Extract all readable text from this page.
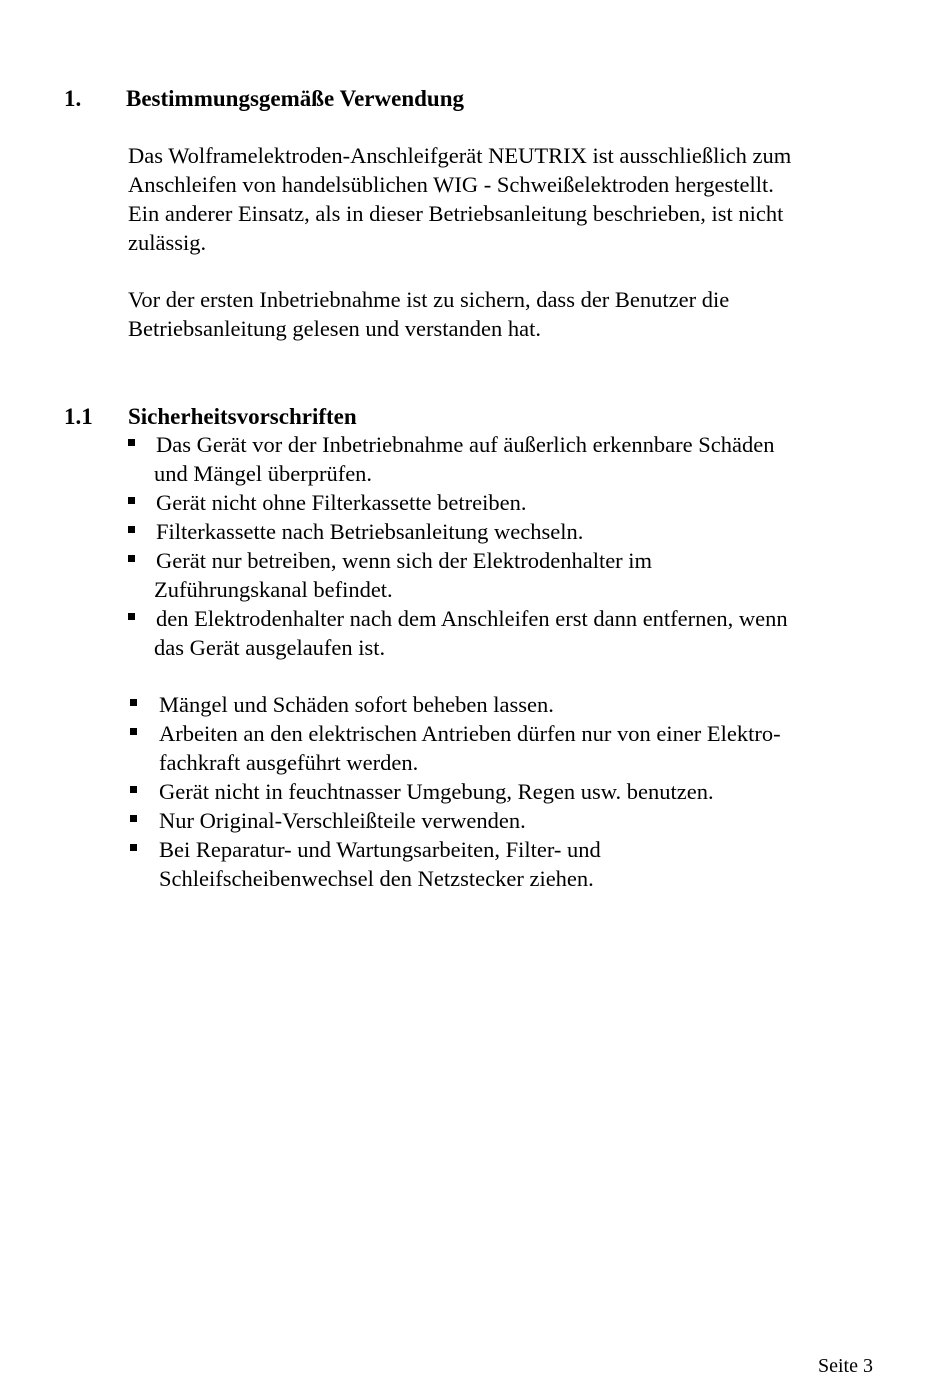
1. Bestimmungsgemäße Verwendung

Das Wolframelektroden-Anschleifgerät NEUTRIX ist ausschließlich zum
Anschleifen von handelsüblichen WIG - Schweißelektroden hergestellt.
Ein anderer Einsatz, als in dieser Betriebsanleitung beschrieben, ist nicht
zulässig.

Vor der ersten Inbetriebnahme ist zu sichern, dass der Benutzer die
Betriebsanleitung gelesen und verstanden hat.

1.1 Sicherheitsvorschriften
Das Gerät vor der Inbetriebnahme auf äußerlich erkennbare Schäden
und Mängel überprüfen.
Gerät nicht ohne Filterkassette betreiben.
Filterkassette nach Betriebsanleitung wechseln.
Gerät nur betreiben, wenn sich der Elektrodenhalter im
Zuführungskanal befindet.
den Elektrodenhalter nach dem Anschleifen erst dann entfernen, wenn
das Gerät ausgelaufen ist.
Mängel und Schäden sofort beheben lassen.
Arbeiten an den elektrischen Antrieben dürfen nur von einer Elektro-
fachkraft ausgeführt werden.
Gerät nicht in feuchtnasser Umgebung, Regen usw. benutzen.
Nur Original-Verschleißteile verwenden.
Bei Reparatur- und Wartungsarbeiten, Filter- und
Schleifscheibenwechsel den Netzstecker ziehen.
Seite 3
